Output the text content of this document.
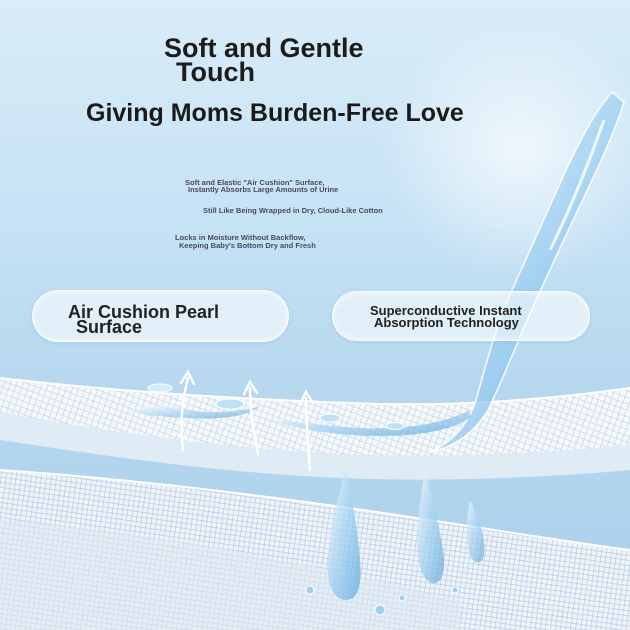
Soft and Gentle
Touch
Giving Moms Burden-Free Love
Soft and Elastic "Air Cushion" Surface,
Instantly Absorbs Large Amounts of Urine
Still Like Being Wrapped in Dry, Cloud-Like Cotton
Locks in Moisture Without Backflow,
Keeping Baby's Bottom Dry and Fresh
Air Cushion Pearl
Surface
Superconductive Instant
Absorption Technology
